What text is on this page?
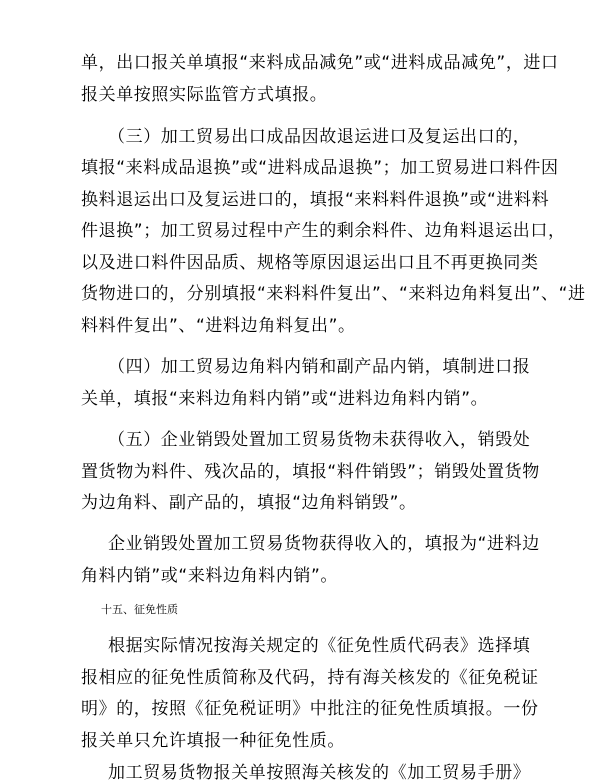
单，出口报关单填报“来料成品减免”或“进料成品减免”，进口
报关单按照实际监管方式填报。
（三）加工贸易出口成品因故退运进口及复运出口的，
填报“来料成品退换”或“进料成品退换”；加工贸易进口料件因
换料退运出口及复运进口的，填报“来料料件退换”或“进料料
件退换”；加工贸易过程中产生的剩余料件、边角料退运出口，
以及进口料件因品质、规格等原因退运出口且不再更换同类
货物进口的，分别填报“来料料件复出”、“来料边角料复出”、“进
料料件复出”、“进料边角料复出”。
（四）加工贸易边角料内销和副产品内销，填制进口报
关单，填报“来料边角料内销”或“进料边角料内销”。
（五）企业销毁处置加工贸易货物未获得收入，销毁处
置货物为料件、残次品的，填报“料件销毁”；销毁处置货物
为边角料、副产品的，填报“边角料销毁”。
企业销毁处置加工贸易货物获得收入的，填报为“进料边
角料内销”或“来料边角料内销”。
十五、征免性质
根据实际情况按海关规定的《征免性质代码表》选择填
报相应的征免性质简称及代码，持有海关核发的《征免税证
明》的，按照《征免税证明》中批注的征免性质填报。一份
报关单只允许填报一种征免性质。
加工贸易货物报关单按照海关核发的《加工贸易手册》
